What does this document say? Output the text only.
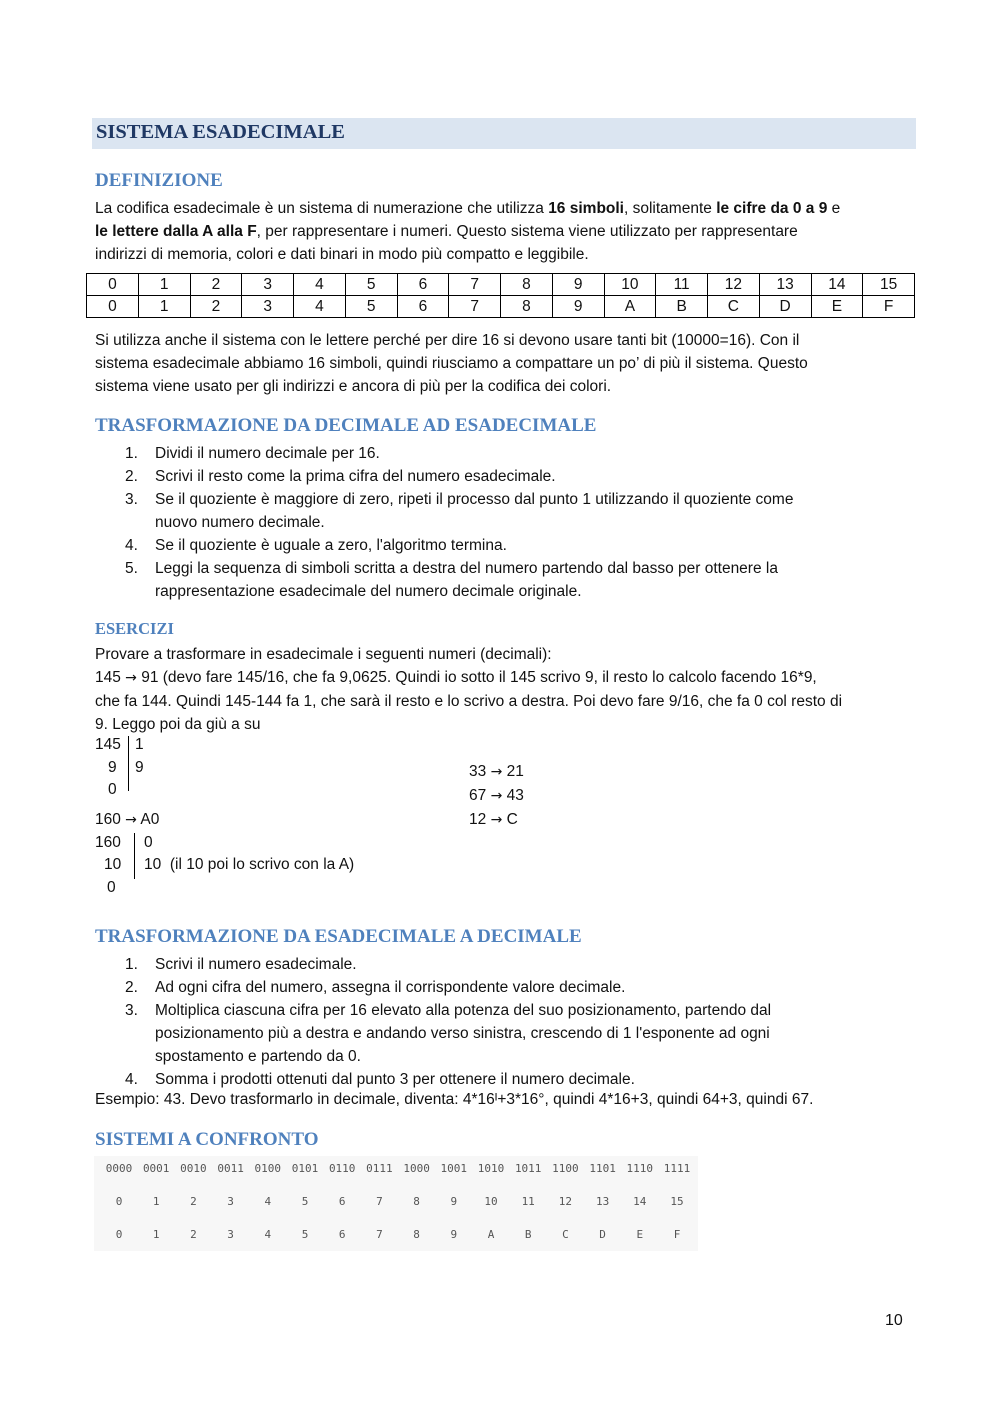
SISTEMA ESADECIMALE
DEFINIZIONE
La codifica esadecimale è un sistema di numerazione che utilizza 16 simboli, solitamente le cifre da 0 a 9 e
le lettere dalla A alla F, per rappresentare i numeri. Questo sistema viene utilizzato per rappresentare
indirizzi di memoria, colori e dati binari in modo più compatto e leggibile.
0	1	2	3	4	5	6	7	8	9	10	11	12	13	14	15
0	1	2	3	4	5	6	7	8	9	A	B	C	D	E	F
Si utilizza anche il sistema con le lettere perché per dire 16 si devono usare tanti bit (10000=16). Con il
sistema esadecimale abbiamo 16 simboli, quindi riusciamo a compattare un po’ di più il sistema. Questo
sistema viene usato per gli indirizzi e ancora di più per la codifica dei colori.
TRASFORMAZIONE DA DECIMALE AD ESADECIMALE
1. Dividi il numero decimale per 16.
2. Scrivi il resto come la prima cifra del numero esadecimale.
3. Se il quoziente è maggiore di zero, ripeti il processo dal punto 1 utilizzando il quoziente come
nuovo numero decimale.
4. Se il quoziente è uguale a zero, l'algoritmo termina.
5. Leggi la sequenza di simboli scritta a destra del numero partendo dal basso per ottenere la
rappresentazione esadecimale del numero decimale originale.
ESERCIZI
Provare a trasformare in esadecimale i seguenti numeri (decimali):
145 → 91 (devo fare 145/16, che fa 9,0625. Quindi io sotto il 145 scrivo 9, il resto lo calcolo facendo 16*9,
che fa 144. Quindi 145-144 fa 1, che sarà il resto e lo scrivo a destra. Poi devo fare 9/16, che fa 0 col resto di
9. Leggo poi da giù a su
145 1
9 9
0
33 → 21
67 → 43
12 → C
160 → A0
160 0
10 10  (il 10 poi lo scrivo con la A)
0
TRASFORMAZIONE DA ESADECIMALE A DECIMALE
1. Scrivi il numero esadecimale.
2. Ad ogni cifra del numero, assegna il corrispondente valore decimale.
3. Moltiplica ciascuna cifra per 16 elevato alla potenza del suo posizionamento, partendo dal
posizionamento più a destra e andando verso sinistra, crescendo di 1 l'esponente ad ogni
spostamento e partendo da 0.
4. Somma i prodotti ottenuti dal punto 3 per ottenere il numero decimale.
Esempio: 43. Devo trasformarlo in decimale, diventa: 4*16ᴵ+3*16°, quindi 4*16+3, quindi 64+3, quindi 67.
SISTEMI A CONFRONTO
0000 0001 0010 0011 0100 0101 0110 0111 1000 1001 1010 1011 1100 1101 1110 1111
0	1	2	3	4	5	6	7	8	9	10	11	12	13	14	15
0	1	2	3	4	5	6	7	8	9	A	B	C	D	E	F
10
